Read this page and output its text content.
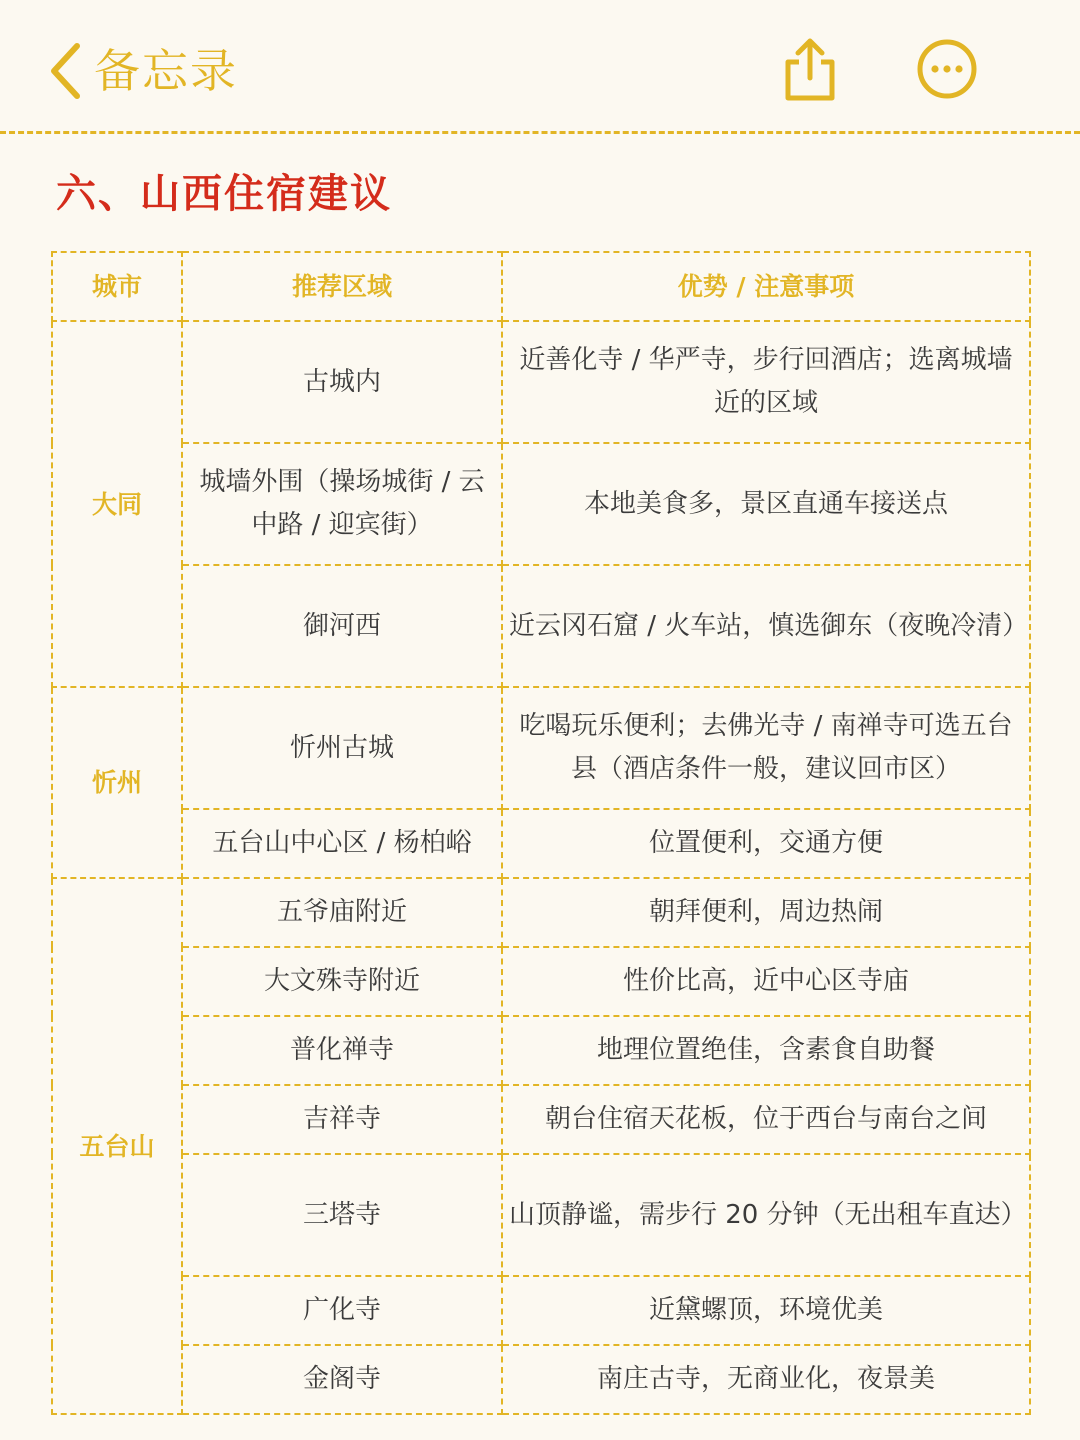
备忘录
六、山西住宿建议
城市	推荐区域	优势 / 注意事项
大同	古城内	近善化寺 / 华严寺，步行回酒店；选离城墙近的区域
	城墙外围（操场城街 / 云中路 / 迎宾街）	本地美食多，景区直通车接送点
	御河西	近云冈石窟 / 火车站，慎选御东（夜晚冷清）
忻州	忻州古城	吃喝玩乐便利；去佛光寺 / 南禅寺可选五台县（酒店条件一般，建议回市区）
	五台山中心区 / 杨柏峪	位置便利，交通方便
五台山	五爷庙附近	朝拜便利，周边热闹
	大文殊寺附近	性价比高，近中心区寺庙
	普化禅寺	地理位置绝佳，含素食自助餐
	吉祥寺	朝台住宿天花板，位于西台与南台之间
	三塔寺	山顶静谧，需步行 20 分钟（无出租车直达）
	广化寺	近黛螺顶，环境优美
	金阁寺	南庄古寺，无商业化，夜景美
